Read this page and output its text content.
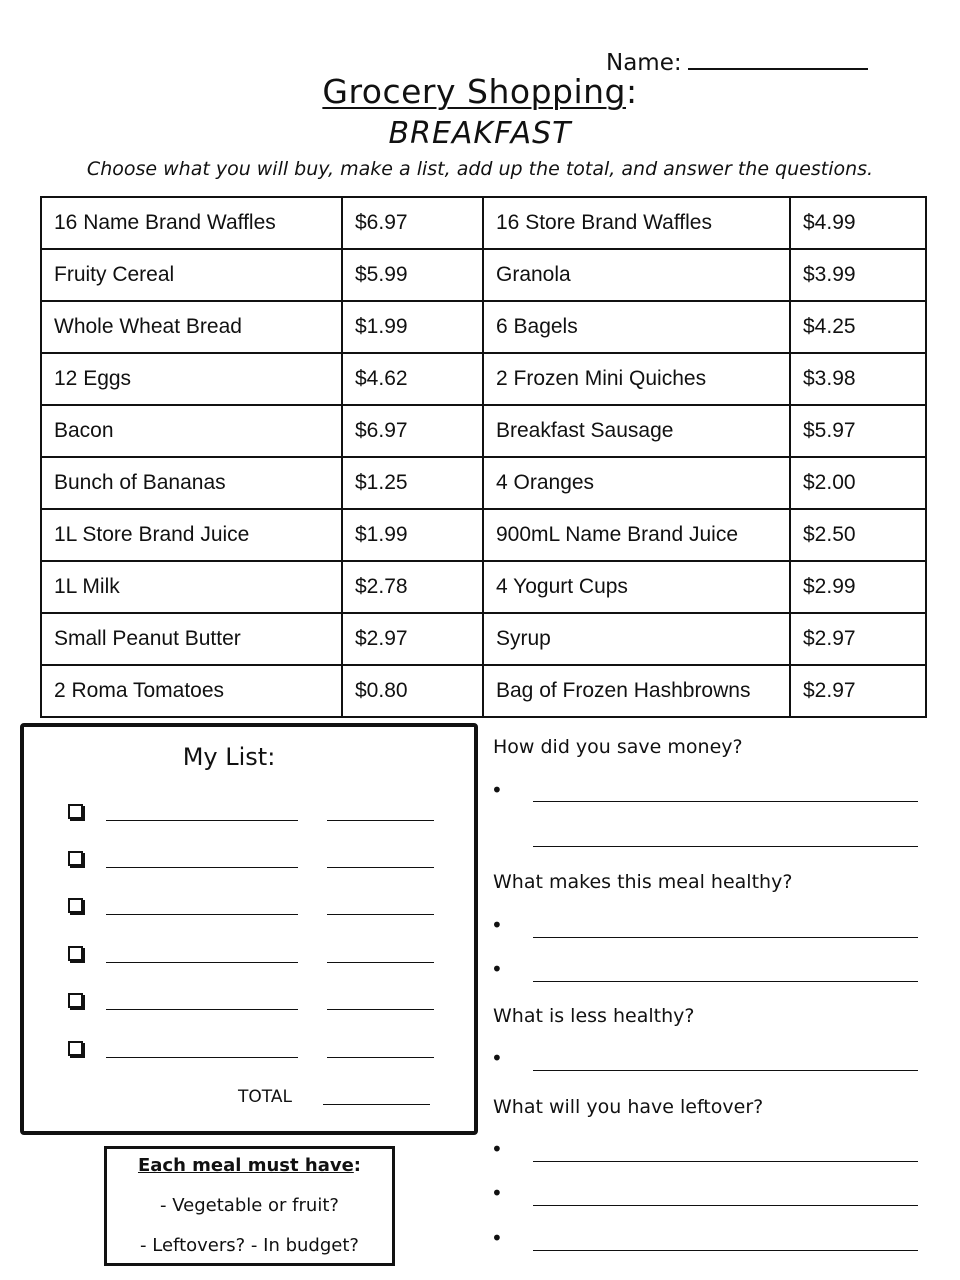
Name:
Grocery Shopping:
BREAKFAST
Choose what you will buy, make a list, add up the total, and answer the questions.
16 Name Brand Waffles	$6.97	16 Store Brand Waffles	$4.99
Fruity Cereal	$5.99	Granola	$3.99
Whole Wheat Bread	$1.99	6 Bagels	$4.25
12 Eggs	$4.62	2 Frozen Mini Quiches	$3.98
Bacon	$6.97	Breakfast Sausage	$5.97
Bunch of Bananas	$1.25	4 Oranges	$2.00
1L Store Brand Juice	$1.99	900mL Name Brand Juice	$2.50
1L Milk	$2.78	4 Yogurt Cups	$2.99
Small Peanut Butter	$2.97	Syrup	$2.97
2 Roma Tomatoes	$0.80	Bag of Frozen Hashbrowns	$2.97
My List:
TOTAL
Each meal must have:
- Vegetable or fruit?
- Leftovers? - In budget?
How did you save money?
•
What makes this meal healthy?
•
•
What is less healthy?
•
What will you have leftover?
•
•
•
